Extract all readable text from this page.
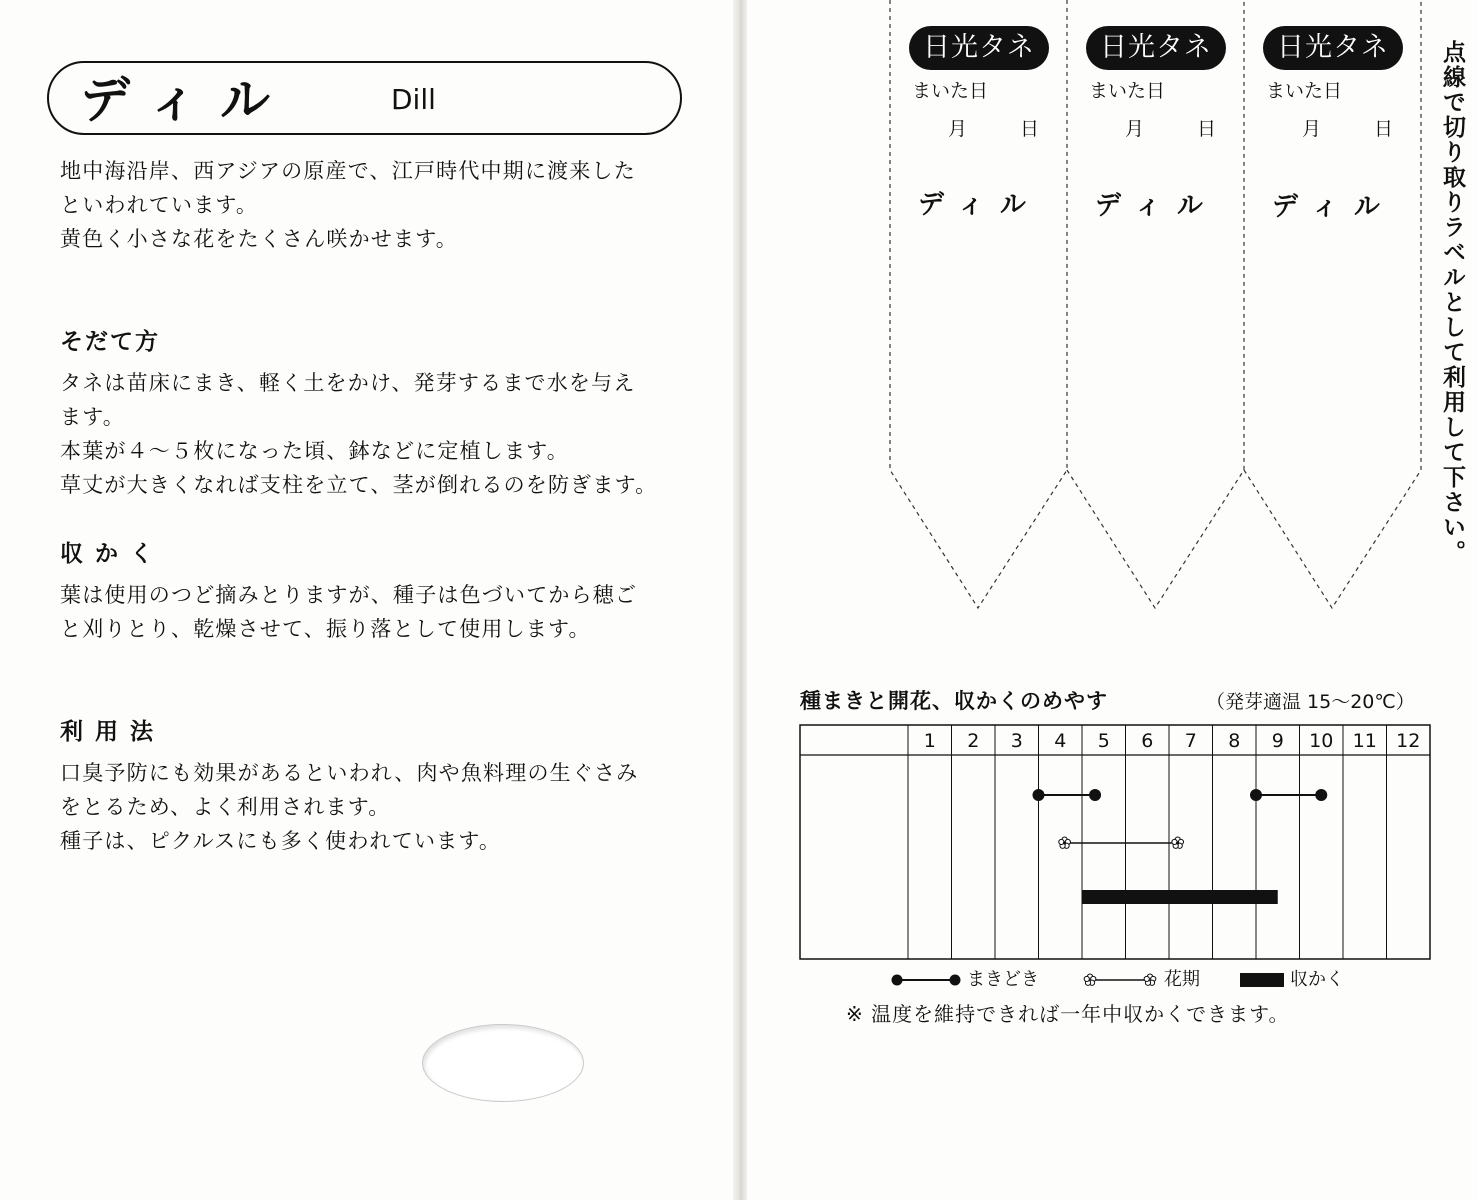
ディル	Dill
地中海沿岸、西アジアの原産で、江戸時代中期に渡来した
といわれています。
黄色く小さな花をたくさん咲かせます。
そだて方
タネは苗床にまき、軽く土をかけ、発芽するまで水を与え
ます。
本葉が４～５枚になった頃、鉢などに定植します。
草丈が大きくなれば支柱を立て、茎が倒れるのを防ぎます。
収かく
葉は使用のつど摘みとりますが、種子は色づいてから穂ご
と刈りとり、乾燥させて、振り落として使用します。
利用法
口臭予防にも効果があるといわれ、肉や魚料理の生ぐさみ
をとるため、よく利用されます。
種子は、ピクルスにも多く使われています。
日光タネ
まいた日
月	日
ディル
日光タネ
まいた日
月	日
ディル
日光タネ
まいた日
月	日
ディル 点線で切り取りラベルとして利用して下さい。
種まきと開花、収かくのめやす	（発芽適温 15～20℃）
1 2 3 4 5 6 7 8 9 10 11 12
まきどき	花期	収かく
※ 温度を維持できれば一年中収かくできます。
